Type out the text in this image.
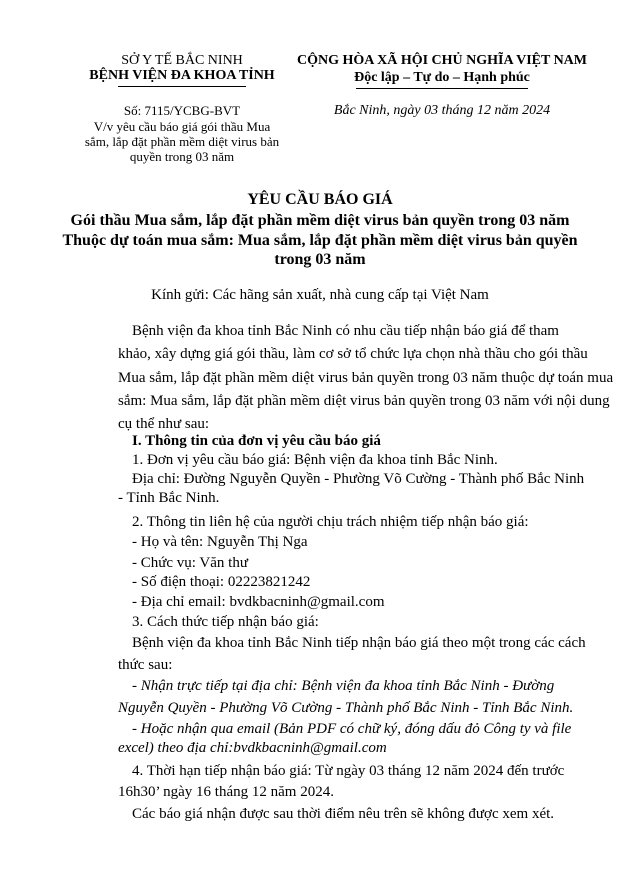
SỞ Y TẾ BẮC NINH
BỆNH VIỆN ĐA KHOA TỈNH
Số: 7115/YCBG-BVT
V/v yêu cầu báo giá gói thầu Mua
sắm, lắp đặt phần mềm diệt virus bản
quyền trong 03 năm
CỘNG HÒA XÃ HỘI CHỦ NGHĨA VIỆT NAM
Độc lập – Tự do – Hạnh phúc
Bắc Ninh, ngày 03 tháng 12 năm 2024
YÊU CẦU BÁO GIÁ
Gói thầu Mua sắm, lắp đặt phần mềm diệt virus bản quyền trong 03 năm
Thuộc dự toán mua sắm: Mua sắm, lắp đặt phần mềm diệt virus bản quyền
trong 03 năm
Kính gửi: Các hãng sản xuất, nhà cung cấp tại Việt Nam
Bệnh viện đa khoa tỉnh Bắc Ninh có nhu cầu tiếp nhận báo giá để tham
khảo, xây dựng giá gói thầu, làm cơ sở tổ chức lựa chọn nhà thầu cho gói thầu
Mua sắm, lắp đặt phần mềm diệt virus bản quyền trong 03 năm thuộc dự toán mua
sắm: Mua sắm, lắp đặt phần mềm diệt virus bản quyền trong 03 năm với nội dung
cụ thể như sau:
I. Thông tin của đơn vị yêu cầu báo giá
1. Đơn vị yêu cầu báo giá: Bệnh viện đa khoa tỉnh Bắc Ninh.
Địa chỉ: Đường Nguyễn Quyền - Phường Võ Cường - Thành phố Bắc Ninh
- Tỉnh Bắc Ninh.
2. Thông tin liên hệ của người chịu trách nhiệm tiếp nhận báo giá:
- Họ và tên: Nguyễn Thị Nga
- Chức vụ: Văn thư
- Số điện thoại: 02223821242
- Địa chỉ email: bvdkbacninh@gmail.com
3. Cách thức tiếp nhận báo giá:
Bệnh viện đa khoa tỉnh Bắc Ninh tiếp nhận báo giá theo một trong các cách
thức sau:
- Nhận trực tiếp tại địa chỉ: Bệnh viện đa khoa tỉnh Bắc Ninh - Đường
Nguyễn Quyền - Phường Võ Cường - Thành phố Bắc Ninh - Tỉnh Bắc Ninh.
- Hoặc nhận qua email (Bản PDF có chữ ký, đóng dấu đỏ Công ty và file
excel) theo địa chỉ:bvdkbacninh@gmail.com
4. Thời hạn tiếp nhận báo giá: Từ ngày 03 tháng 12 năm 2024 đến trước
16h30’ ngày 16 tháng 12 năm 2024.
Các báo giá nhận được sau thời điểm nêu trên sẽ không được xem xét.
